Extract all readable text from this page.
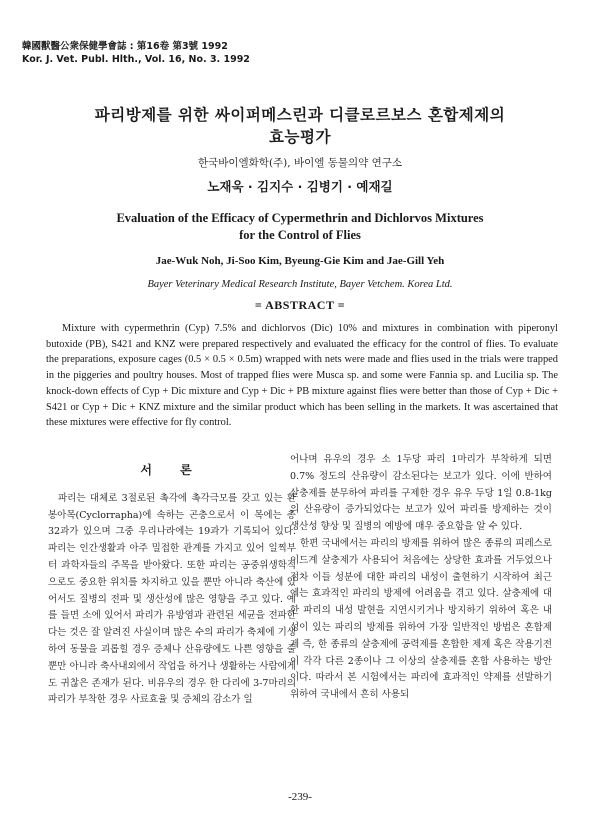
韓國獸醫公衆保健學會誌 : 第16卷 第3號 1992
Kor. J. Vet. Publ. Hlth., Vol. 16, No. 3. 1992
파리방제를 위한 싸이퍼메스린과 디클로르보스 혼합제제의
효능평가
한국바이엘화학(주), 바이엘 동물의약 연구소
노재욱 · 김지수 · 김병기 · 예재길
Evaluation of the Efficacy of Cypermethrin and Dichlorvos Mixtures
for the Control of Flies
Jae-Wuk Noh, Ji-Soo Kim, Byeung-Gie Kim and Jae-Gill Yeh
Bayer Veterinary Medical Research Institute, Bayer Vetchem. Korea Ltd.
= ABSTRACT =
Mixture with cypermethrin (Cyp) 7.5% and dichlorvos (Dic) 10% and mixtures in combination with piperonyl butoxide (PB), S421 and KNZ were prepared respectively and evaluated the efficacy for the control of flies. To evaluate the preparations, exposure cages (0.5 × 0.5 × 0.5m) wrapped with nets were made and flies used in the trials were trapped in the piggeries and poultry houses. Most of trapped flies were Musca sp. and some were Fannia sp. and Lucilia sp. The knock-down effects of Cyp + Dic mixture and Cyp + Dic + PB mixture against flies were better than those of Cyp + Dic + S421 or Cyp + Dic + KNZ mixture and the similar product which has been selling in the markets. It was ascertained that these mixtures were effective for fly control.
서 론

파리는 대체로 3절로된 촉각에 촉각극모를 갖고 있는 환봉아목(Cyclorrapha)에 속하는 곤충으로서 이 목에는 총 32과가 있으며 그중 우리나라에는 19과가 기록되어 있다. 파리는 인간생활과 아주 밀접한 관계를 가지고 있어 일찍부터 과학자들의 주목을 받아왔다. 또한 파리는 공중위생학적으로도 중요한 위치를 차지하고 있을 뿐만 아니라 축산에 있어서도 질병의 전파 및 생산성에 많은 영향을 주고 있다. 예를 들면 소에 있어서 파리가 유방염과 관련된 세균을 전파한다는 것은 잘 알려진 사실이며 많은 수의 파리가 축체에 기생하여 동물을 괴롭힐 경우 증체나 산유량에도 나쁜 영향을 줄 뿐만 아니라 축사내외에서 작업을 하거나 생활하는 사람에게도 귀찮은 존재가 된다. 비유우의 경우 한 다리에 3-7마리의 파리가 부착한 경우 사료효율 및 증체의 감소가 일

어나며 유우의 경우 소 1두당 파리 1마리가 부착하게 되면 0.7% 정도의 산유량이 감소된다는 보고가 있다. 이에 반하여 살충제를 분무하여 파리를 구제한 경우 유우 두당 1일 0.8-1kg의 산유량이 증가되었다는 보고가 있어 파리를 방제하는 것이 생산성 향상 및 질병의 예방에 매우 중요함을 알 수 있다.

한편 국내에서는 파리의 방제를 위하여 많은 종류의 피레스로이드계 살충제가 사용되어 처음에는 상당한 효과를 거두었으나 점차 이들 성분에 대한 파리의 내성이 출현하기 시작하여 최근에는 효과적인 파리의 방제에 어려움을 겪고 있다. 살충제에 대한 파리의 내성 발현을 지연시키거나 방지하기 위하여 혹은 내성이 있는 파리의 방제를 위하여 가장 일반적인 방법은 혼합제제 즉, 한 종류의 살충제에 공력제를 혼합한 제제 혹은 작용기전이 각각 다른 2종이나 그 이상의 살충제를 혼합 사용하는 방안이다. 따라서 본 시험에서는 파리에 효과적인 약제를 선발하기 위하여 국내에서 흔히 사용되

-239-
